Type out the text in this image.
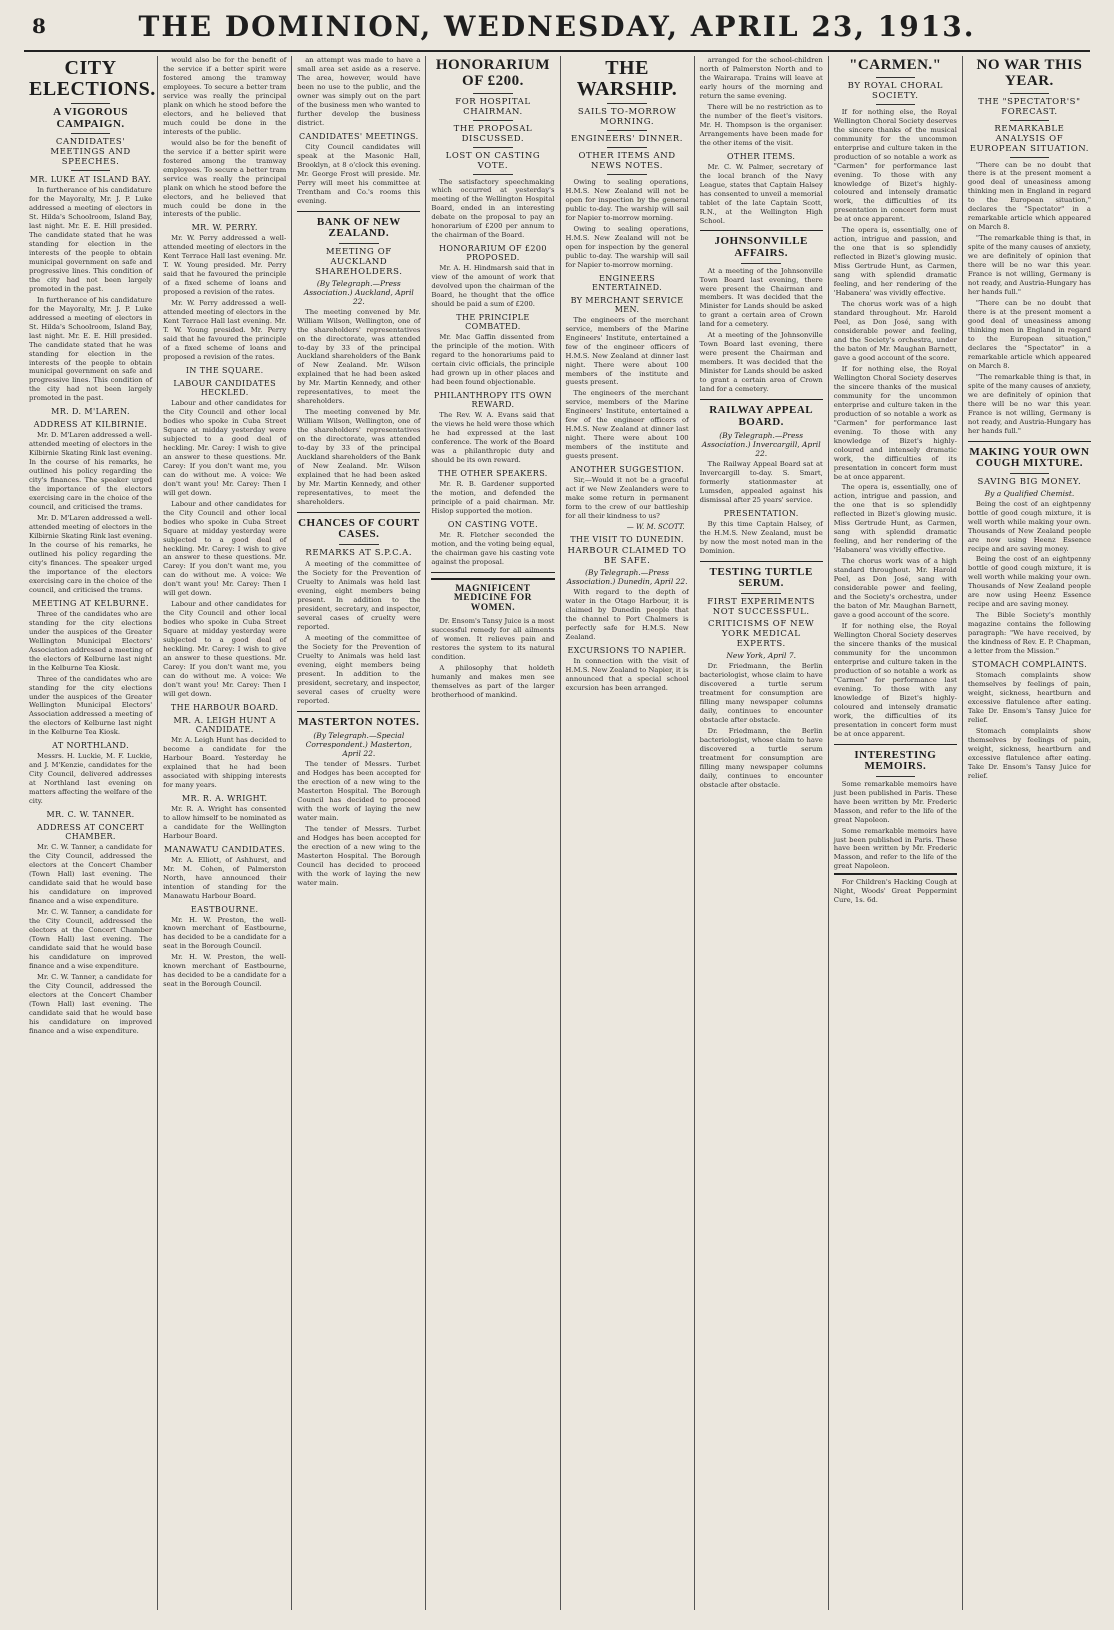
8	THE DOMINION, WEDNESDAY, APRIL 23, 1913.
CITY ELECTIONS.
A VIGOROUS CAMPAIGN.
CANDIDATES' MEETINGS AND SPEECHES.
MR. LUKE AT ISLAND BAY.

In furtherance of his candidature for the Mayoralty, Mr. J. P. Luke addressed a meeting of electors in St. Hilda's Schoolroom, Island Bay, last night. Mr. E. E. Hill presided. The candidate stated that he was standing for election in the interests of the people to obtain municipal government on safe and progressive lines. This condition of the city had not been largely promoted in the past.

In furtherance of his candidature for the Mayoralty, Mr. J. P. Luke addressed a meeting of electors in St. Hilda's Schoolroom, Island Bay, last night. Mr. E. E. Hill presided. The candidate stated that he was standing for election in the interests of the people to obtain municipal government on safe and progressive lines. This condition of the city had not been largely promoted in the past.

MR. D. M'LAREN.
ADDRESS AT KILBIRNIE.

Mr. D. M'Laren addressed a well-attended meeting of electors in the Kilbirnie Skating Rink last evening. In the course of his remarks, he outlined his policy regarding the city's finances. The speaker urged the importance of the electors exercising care in the choice of the council, and criticised the trams.

Mr. D. M'Laren addressed a well-attended meeting of electors in the Kilbirnie Skating Rink last evening. In the course of his remarks, he outlined his policy regarding the city's finances. The speaker urged the importance of the electors exercising care in the choice of the council, and criticised the trams.

MEETING AT KELBURNE.

Three of the candidates who are standing for the city elections under the auspices of the Greater Wellington Municipal Electors' Association addressed a meeting of the electors of Kelburne last night in the Kelburne Tea Kiosk.

Three of the candidates who are standing for the city elections under the auspices of the Greater Wellington Municipal Electors' Association addressed a meeting of the electors of Kelburne last night in the Kelburne Tea Kiosk.

AT NORTHLAND.

Messrs. H. Luckie, M. F. Luckie, and J. M'Kenzie, candidates for the City Council, delivered addresses at Northland last evening on matters affecting the welfare of the city.

MR. C. W. TANNER.
ADDRESS AT CONCERT CHAMBER.

Mr. C. W. Tanner, a candidate for the City Council, addressed the electors at the Concert Chamber (Town Hall) last evening. The candidate said that he would base his candidature on improved finance and a wise expenditure.

Mr. C. W. Tanner, a candidate for the City Council, addressed the electors at the Concert Chamber (Town Hall) last evening. The candidate said that he would base his candidature on improved finance and a wise expenditure.

Mr. C. W. Tanner, a candidate for the City Council, addressed the electors at the Concert Chamber (Town Hall) last evening. The candidate said that he would base his candidature on improved finance and a wise expenditure.

would also be for the benefit of the service if a better spirit were fostered among the tramway employees. To secure a better tram service was really the principal plank on which he stood before the electors, and he believed that much could be done in the interests of the public.

would also be for the benefit of the service if a better spirit were fostered among the tramway employees. To secure a better tram service was really the principal plank on which he stood before the electors, and he believed that much could be done in the interests of the public.

MR. W. PERRY.

Mr. W. Perry addressed a well-attended meeting of electors in the Kent Terrace Hall last evening. Mr. T. W. Young presided. Mr. Perry said that he favoured the principle of a fixed scheme of loans and proposed a revision of the rates.

Mr. W. Perry addressed a well-attended meeting of electors in the Kent Terrace Hall last evening. Mr. T. W. Young presided. Mr. Perry said that he favoured the principle of a fixed scheme of loans and proposed a revision of the rates.

IN THE SQUARE.
LABOUR CANDIDATES HECKLED.

Labour and other candidates for the City Council and other local bodies who spoke in Cuba Street Square at midday yesterday were subjected to a good deal of heckling. Mr. Carey: I wish to give an answer to these questions. Mr. Carey: If you don't want me, you can do without me. A voice: We don't want you! Mr. Carey: Then I will get down.

Labour and other candidates for the City Council and other local bodies who spoke in Cuba Street Square at midday yesterday were subjected to a good deal of heckling. Mr. Carey: I wish to give an answer to these questions. Mr. Carey: If you don't want me, you can do without me. A voice: We don't want you! Mr. Carey: Then I will get down.

Labour and other candidates for the City Council and other local bodies who spoke in Cuba Street Square at midday yesterday were subjected to a good deal of heckling. Mr. Carey: I wish to give an answer to these questions. Mr. Carey: If you don't want me, you can do without me. A voice: We don't want you! Mr. Carey: Then I will get down.

THE HARBOUR BOARD.
MR. A. LEIGH HUNT A CANDIDATE.

Mr. A. Leigh Hunt has decided to become a candidate for the Harbour Board. Yesterday he explained that he had been associated with shipping interests for many years.

MR. R. A. WRIGHT.

Mr. R. A. Wright has consented to allow himself to be nominated as a candidate for the Wellington Harbour Board.

MANAWATU CANDIDATES.

Mr. A. Elliott, of Ashhurst, and Mr. M. Cohen, of Palmerston North, have announced their intention of standing for the Manawatu Harbour Board.

EASTBOURNE.

Mr. H. W. Preston, the well-known merchant of Eastbourne, has decided to be a candidate for a seat in the Borough Council.

Mr. H. W. Preston, the well-known merchant of Eastbourne, has decided to be a candidate for a seat in the Borough Council.

an attempt was made to have a small area set aside as a reserve. The area, however, would have been no use to the public, and the owner was simply out on the part of the business men who wanted to further develop the business district.

CANDIDATES' MEETINGS.

City Council candidates will speak at the Masonic Hall, Brooklyn, at 8 o'clock this evening. Mr. George Frost will preside. Mr. Perry will meet his committee at Trentham and Co.'s rooms this evening.

BANK OF NEW ZEALAND.
MEETING OF AUCKLAND SHAREHOLDERS.
(By Telegraph.—Press Association.) Auckland, April 22.

The meeting convened by Mr. William Wilson, Wellington, one of the shareholders' representatives on the directorate, was attended to-day by 33 of the principal Auckland shareholders of the Bank of New Zealand. Mr. Wilson explained that he had been asked by Mr. Martin Kennedy, and other representatives, to meet the shareholders.

The meeting convened by Mr. William Wilson, Wellington, one of the shareholders' representatives on the directorate, was attended to-day by 33 of the principal Auckland shareholders of the Bank of New Zealand. Mr. Wilson explained that he had been asked by Mr. Martin Kennedy, and other representatives, to meet the shareholders.

CHANCES OF COURT CASES.
REMARKS AT S.P.C.A.

A meeting of the committee of the Society for the Prevention of Cruelty to Animals was held last evening, eight members being present. In addition to the president, secretary, and inspector, several cases of cruelty were reported.

A meeting of the committee of the Society for the Prevention of Cruelty to Animals was held last evening, eight members being present. In addition to the president, secretary, and inspector, several cases of cruelty were reported.

MASTERTON NOTES.
(By Telegraph.—Special Correspondent.) Masterton, April 22.

The tender of Messrs. Turbet and Hodges has been accepted for the erection of a new wing to the Masterton Hospital. The Borough Council has decided to proceed with the work of laying the new water main.

The tender of Messrs. Turbet and Hodges has been accepted for the erection of a new wing to the Masterton Hospital. The Borough Council has decided to proceed with the work of laying the new water main.

HONORARIUM OF £200.
FOR HOSPITAL CHAIRMAN.
THE PROPOSAL DISCUSSED.
LOST ON CASTING VOTE.

The satisfactory speechmaking which occurred at yesterday's meeting of the Wellington Hospital Board, ended in an interesting debate on the proposal to pay an honorarium of £200 per annum to the chairman of the Board.

HONORARIUM OF £200 PROPOSED.

Mr. A. H. Hindmarsh said that in view of the amount of work that devolved upon the chairman of the Board, he thought that the office should be paid a sum of £200.

THE PRINCIPLE COMBATED.

Mr. Mac Gaffin dissented from the principle of the motion. With regard to the honorariums paid to certain civic officials, the principle had grown up in other places and had been found objectionable.

PHILANTHROPY ITS OWN REWARD.

The Rev. W. A. Evans said that the views he held were those which he had expressed at the last conference. The work of the Board was a philanthropic duty and should be its own reward.

THE OTHER SPEAKERS.

Mr. R. B. Gardener supported the motion, and defended the principle of a paid chairman. Mr. Hislop supported the motion.

ON CASTING VOTE.

Mr. R. Fletcher seconded the motion, and the voting being equal, the chairman gave his casting vote against the proposal.

MAGNIFICENT MEDICINE FOR WOMEN.

Dr. Ensom's Tansy Juice is a most successful remedy for all ailments of women. It relieves pain and restores the system to its natural condition.

A philosophy that holdeth humanly and makes men see themselves as part of the larger brotherhood of mankind.

THE WARSHIP.
SAILS TO-MORROW MORNING.
ENGINEERS' DINNER.
OTHER ITEMS AND NEWS NOTES.

Owing to sealing operations, H.M.S. New Zealand will not be open for inspection by the general public to-day. The warship will sail for Napier to-morrow morning.

Owing to sealing operations, H.M.S. New Zealand will not be open for inspection by the general public to-day. The warship will sail for Napier to-morrow morning.

ENGINEERS ENTERTAINED.
BY MERCHANT SERVICE MEN.

The engineers of the merchant service, members of the Marine Engineers' Institute, entertained a few of the engineer officers of H.M.S. New Zealand at dinner last night. There were about 100 members of the institute and guests present.

The engineers of the merchant service, members of the Marine Engineers' Institute, entertained a few of the engineer officers of H.M.S. New Zealand at dinner last night. There were about 100 members of the institute and guests present.

ANOTHER SUGGESTION.

Sir,—Would it not be a graceful act if we New Zealanders were to make some return in permanent form to the crew of our battleship for all their kindness to us?

— W. M. SCOTT.
THE VISIT TO DUNEDIN.
HARBOUR CLAIMED TO BE SAFE.
(By Telegraph.—Press Association.) Dunedin, April 22.

With regard to the depth of water in the Otago Harbour, it is claimed by Dunedin people that the channel to Port Chalmers is perfectly safe for H.M.S. New Zealand.

EXCURSIONS TO NAPIER.

In connection with the visit of H.M.S. New Zealand to Napier, it is announced that a special school excursion has been arranged.

arranged for the school-children north of Palmerston North and to the Wairarapa. Trains will leave at early hours of the morning and return the same evening.

There will be no restriction as to the number of the fleet's visitors. Mr. H. Thompson is the organiser. Arrangements have been made for the other items of the visit.

OTHER ITEMS.

Mr. C. W. Palmer, secretary of the local branch of the Navy League, states that Captain Halsey has consented to unveil a memorial tablet of the late Captain Scott, R.N., at the Wellington High School.

JOHNSONVILLE AFFAIRS.

At a meeting of the Johnsonville Town Board last evening, there were present the Chairman and members. It was decided that the Minister for Lands should be asked to grant a certain area of Crown land for a cemetery.

At a meeting of the Johnsonville Town Board last evening, there were present the Chairman and members. It was decided that the Minister for Lands should be asked to grant a certain area of Crown land for a cemetery.

RAILWAY APPEAL BOARD.
(By Telegraph.—Press Association.) Invercargill, April 22.

The Railway Appeal Board sat at Invercargill to-day. S. Smart, formerly stationmaster at Lumsden, appealed against his dismissal after 25 years' service.

PRESENTATION.

By this time Captain Halsey, of the H.M.S. New Zealand, must be by now the most noted man in the Dominion.

TESTING TURTLE SERUM.
FIRST EXPERIMENTS NOT SUCCESSFUL.
CRITICISMS OF NEW YORK MEDICAL EXPERTS.
New York, April 7.

Dr. Friedmann, the Berlin bacteriologist, whose claim to have discovered a turtle serum treatment for consumption are filling many newspaper columns daily, continues to encounter obstacle after obstacle.

Dr. Friedmann, the Berlin bacteriologist, whose claim to have discovered a turtle serum treatment for consumption are filling many newspaper columns daily, continues to encounter obstacle after obstacle.

"CARMEN."
BY ROYAL CHORAL SOCIETY.

If for nothing else, the Royal Wellington Choral Society deserves the sincere thanks of the musical community for the uncommon enterprise and culture taken in the production of so notable a work as "Carmen" for performance last evening. To those with any knowledge of Bizet's highly-coloured and intensely dramatic work, the difficulties of its presentation in concert form must be at once apparent.

The opera is, essentially, one of action, intrigue and passion, and the one that is so splendidly reflected in Bizet's glowing music. Miss Gertrude Hunt, as Carmen, sang with splendid dramatic feeling, and her rendering of the 'Habanera' was vividly effective.

The chorus work was of a high standard throughout. Mr. Harold Peel, as Don José, sang with considerable power and feeling, and the Society's orchestra, under the baton of Mr. Maughan Barnett, gave a good account of the score.

If for nothing else, the Royal Wellington Choral Society deserves the sincere thanks of the musical community for the uncommon enterprise and culture taken in the production of so notable a work as "Carmen" for performance last evening. To those with any knowledge of Bizet's highly-coloured and intensely dramatic work, the difficulties of its presentation in concert form must be at once apparent.

The opera is, essentially, one of action, intrigue and passion, and the one that is so splendidly reflected in Bizet's glowing music. Miss Gertrude Hunt, as Carmen, sang with splendid dramatic feeling, and her rendering of the 'Habanera' was vividly effective.

The chorus work was of a high standard throughout. Mr. Harold Peel, as Don José, sang with considerable power and feeling, and the Society's orchestra, under the baton of Mr. Maughan Barnett, gave a good account of the score.

If for nothing else, the Royal Wellington Choral Society deserves the sincere thanks of the musical community for the uncommon enterprise and culture taken in the production of so notable a work as "Carmen" for performance last evening. To those with any knowledge of Bizet's highly-coloured and intensely dramatic work, the difficulties of its presentation in concert form must be at once apparent.

INTERESTING MEMOIRS.

Some remarkable memoirs have just been published in Paris. These have been written by Mr. Frederic Masson, and refer to the life of the great Napoleon.

Some remarkable memoirs have just been published in Paris. These have been written by Mr. Frederic Masson, and refer to the life of the great Napoleon.

For Children's Hacking Cough at Night, Woods' Great Peppermint Cure, 1s. 6d.

NO WAR THIS YEAR.
THE "SPECTATOR'S" FORECAST.
REMARKABLE ANALYSIS OF EUROPEAN SITUATION.

"There can be no doubt that there is at the present moment a good deal of uneasiness among thinking men in England in regard to the European situation," declares the "Spectator" in a remarkable article which appeared on March 8.

"The remarkable thing is that, in spite of the many causes of anxiety, we are definitely of opinion that there will be no war this year. France is not willing, Germany is not ready, and Austria-Hungary has her hands full."

"There can be no doubt that there is at the present moment a good deal of uneasiness among thinking men in England in regard to the European situation," declares the "Spectator" in a remarkable article which appeared on March 8.

"The remarkable thing is that, in spite of the many causes of anxiety, we are definitely of opinion that there will be no war this year. France is not willing, Germany is not ready, and Austria-Hungary has her hands full."

MAKING YOUR OWN COUGH MIXTURE.
SAVING BIG MONEY.
By a Qualified Chemist.

Being the cost of an eightpenny bottle of good cough mixture, it is well worth while making your own. Thousands of New Zealand people are now using Heenz Essence recipe and are saving money.

Being the cost of an eightpenny bottle of good cough mixture, it is well worth while making your own. Thousands of New Zealand people are now using Heenz Essence recipe and are saving money.

The Bible Society's monthly magazine contains the following paragraph: "We have received, by the kindness of Rev. E. P. Chapman, a letter from the Mission."

STOMACH COMPLAINTS.

Stomach complaints show themselves by feelings of pain, weight, sickness, heartburn and excessive flatulence after eating. Take Dr. Ensom's Tansy Juice for relief.

Stomach complaints show themselves by feelings of pain, weight, sickness, heartburn and excessive flatulence after eating. Take Dr. Ensom's Tansy Juice for relief.
